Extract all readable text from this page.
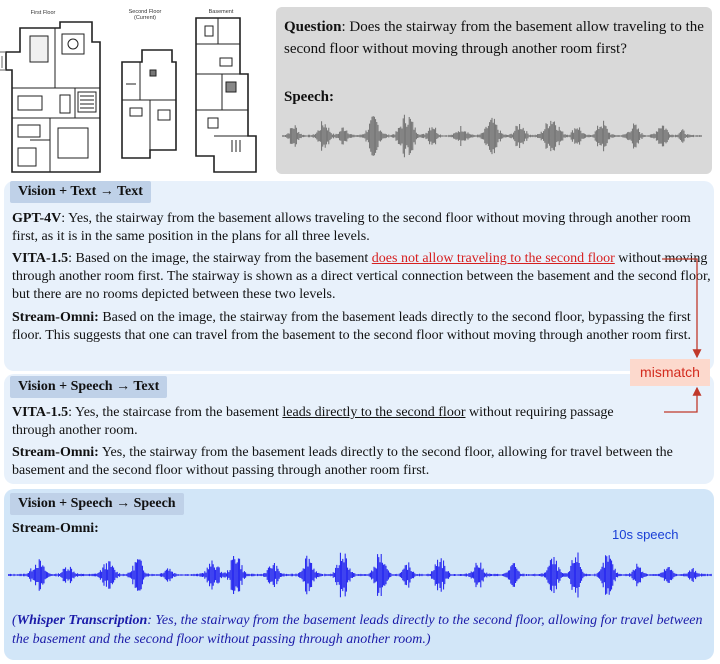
First Floor	Second Floor
(Current)
Basement
Question: Does the stairway from the basement allow traveling to the second floor without moving through another room first?
Speech:
Vision + Text → Text
GPT-4V: Yes, the stairway from the basement allows traveling to the second floor without moving through another room first, as it is in the same position in the plans for all three levels.
VITA-1.5: Based on the image, the stairway from the basement does not allow traveling to the second floor without moving through another room first. The stairway is shown as a direct vertical connection between the basement and the second floor, but there are no rooms depicted between these two levels.
Stream-Omni: Based on the image, the stairway from the basement leads directly to the second floor, bypassing the first floor. This suggests that one can travel from the basement to the second floor without moving through another room first.
Vision + Speech → Text
VITA-1.5: Yes, the staircase from the basement leads directly to the second floor without requiring passage through another room.
Stream-Omni: Yes, the stairway from the basement leads directly to the second floor, allowing for travel between the basement and the second floor without passing through another room first.
mismatch
Vision + Speech → Speech
Stream-Omni:	10s speech
(Whisper Transcription: Yes, the stairway from the basement leads directly to the second floor, allowing for travel between the basement and the second floor without passing through another room.)
